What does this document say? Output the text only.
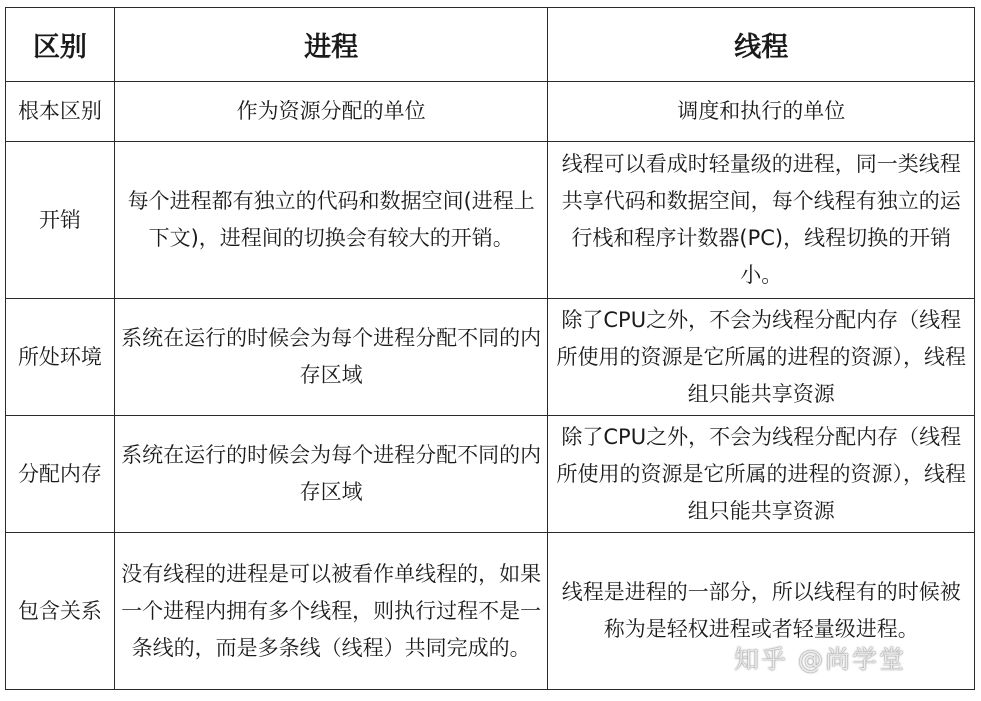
区别	进程	线程
根本区别	作为资源分配的单位	调度和执行的单位
开销	每个进程都有独立的代码和数据空间(进程上下文)，进程间的切换会有较大的开销。	线程可以看成时轻量级的进程，同一类线程共享代码和数据空间，每个线程有独立的运行栈和程序计数器(PC)，线程切换的开销小。
所处环境	系统在运行的时候会为每个进程分配不同的内存区域	除了CPU之外，不会为线程分配内存（线程所使用的资源是它所属的进程的资源），线程组只能共享资源
分配内存	系统在运行的时候会为每个进程分配不同的内存区域	除了CPU之外，不会为线程分配内存（线程所使用的资源是它所属的进程的资源），线程组只能共享资源
包含关系	没有线程的进程是可以被看作单线程的，如果一个进程内拥有多个线程，则执行过程不是一条线的，而是多条线（线程）共同完成的。	线程是进程的一部分，所以线程有的时候被称为是轻权进程或者轻量级进程。
知乎 @尚学堂
